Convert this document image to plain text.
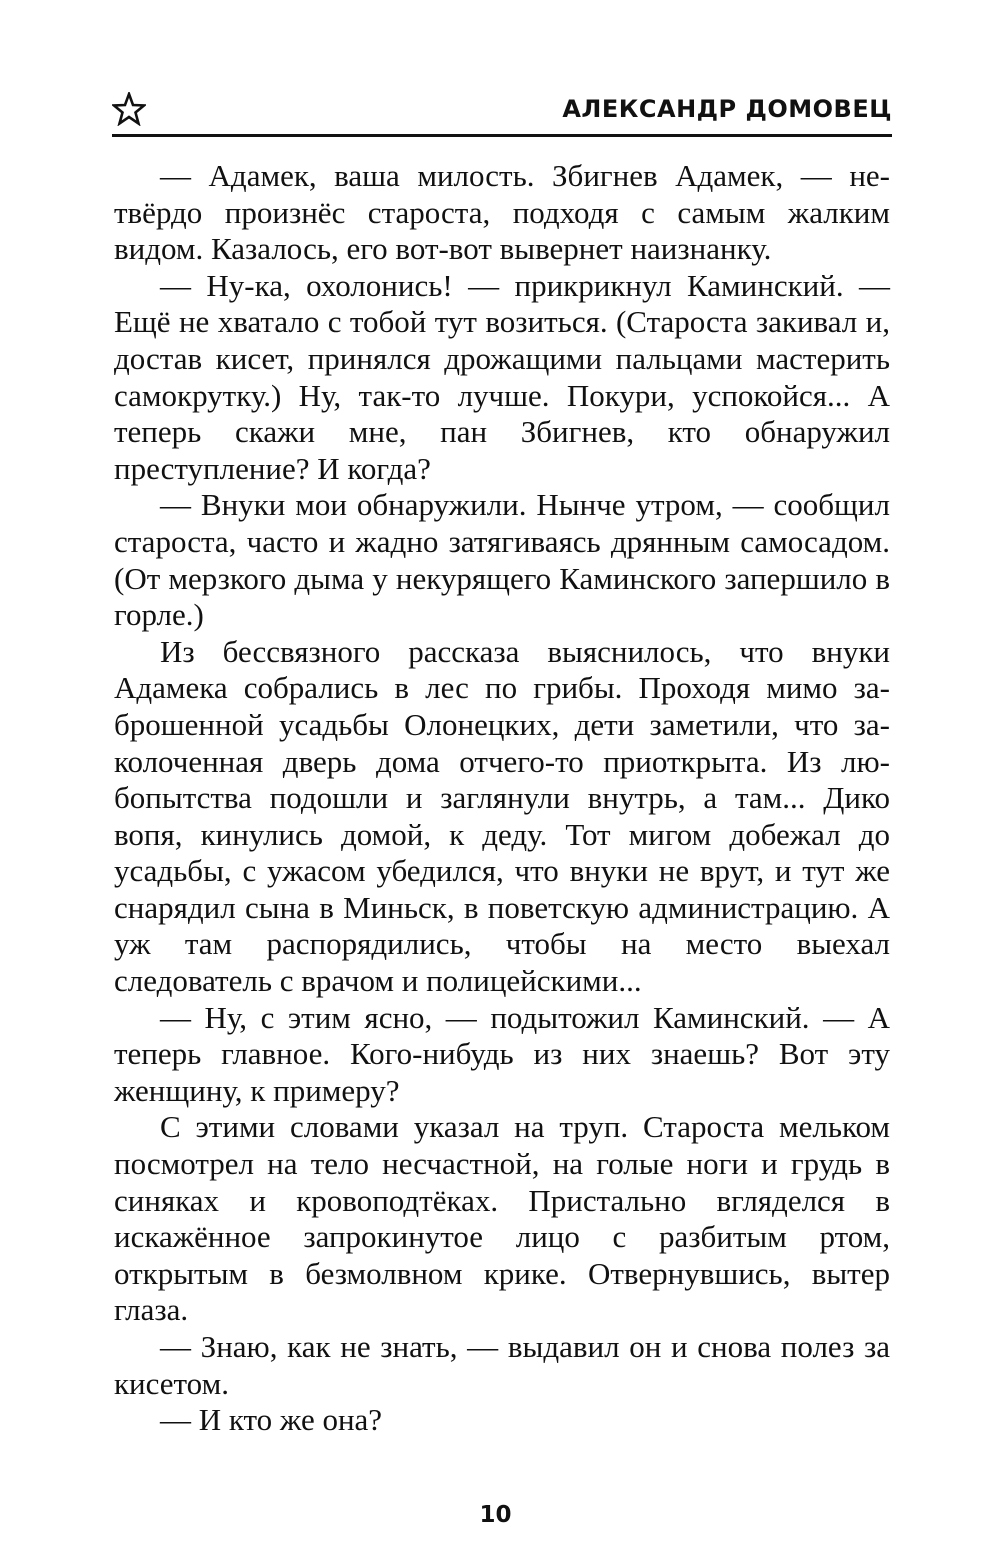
АЛЕКСАНДР ДОМОВЕЦ

— Адамек, ваша милость. Збигнев Адамек, — нетвёрдо произнёс староста, подходя с самым жалким видом. Казалось, его вот-вот вывернет наизнанку.

— Ну-ка, охолонись! — прикрикнул Каминский. — Ещё не хватало с тобой тут возиться. (Староста закивал и, достав кисет, принялся дрожащими пальцами мастерить самокрутку.) Ну, так-то лучше. Покури, успокойся... А теперь скажи мне, пан Збигнев, кто обнаружил преступление? И когда?

— Внуки мои обнаружили. Нынче утром, — сообщил староста, часто и жадно затягиваясь дрянным самосадом. (От мерзкого дыма у некурящего Каминского запершило в горле.)

Из бессвязного рассказа выяснилось, что внуки Адамека собрались в лес по грибы. Проходя мимо заброшенной усадьбы Олонецких, дети заметили, что заколоченная дверь дома отчего-то приоткрыта. Из любопытства подошли и заглянули внутрь, а там... Дико вопя, кинулись домой, к деду. Тот мигом добежал до усадьбы, с ужасом убедился, что внуки не врут, и тут же снарядил сына в Миньск, в поветскую администрацию. А уж там распорядились, чтобы на место выехал следователь с врачом и полицейскими...

— Ну, с этим ясно, — подытожил Каминский. — А теперь главное. Кого-нибудь из них знаешь? Вот эту женщину, к примеру?

С этими словами указал на труп. Староста мельком посмотрел на тело несчастной, на голые ноги и грудь в синяках и кровоподтёках. Пристально вгляделся в искажённое запрокинутое лицо с разбитым ртом, открытым в безмолвном крике. Отвернувшись, вытер глаза.

— Знаю, как не знать, — выдавил он и снова полез за кисетом.

— И кто же она?

10
